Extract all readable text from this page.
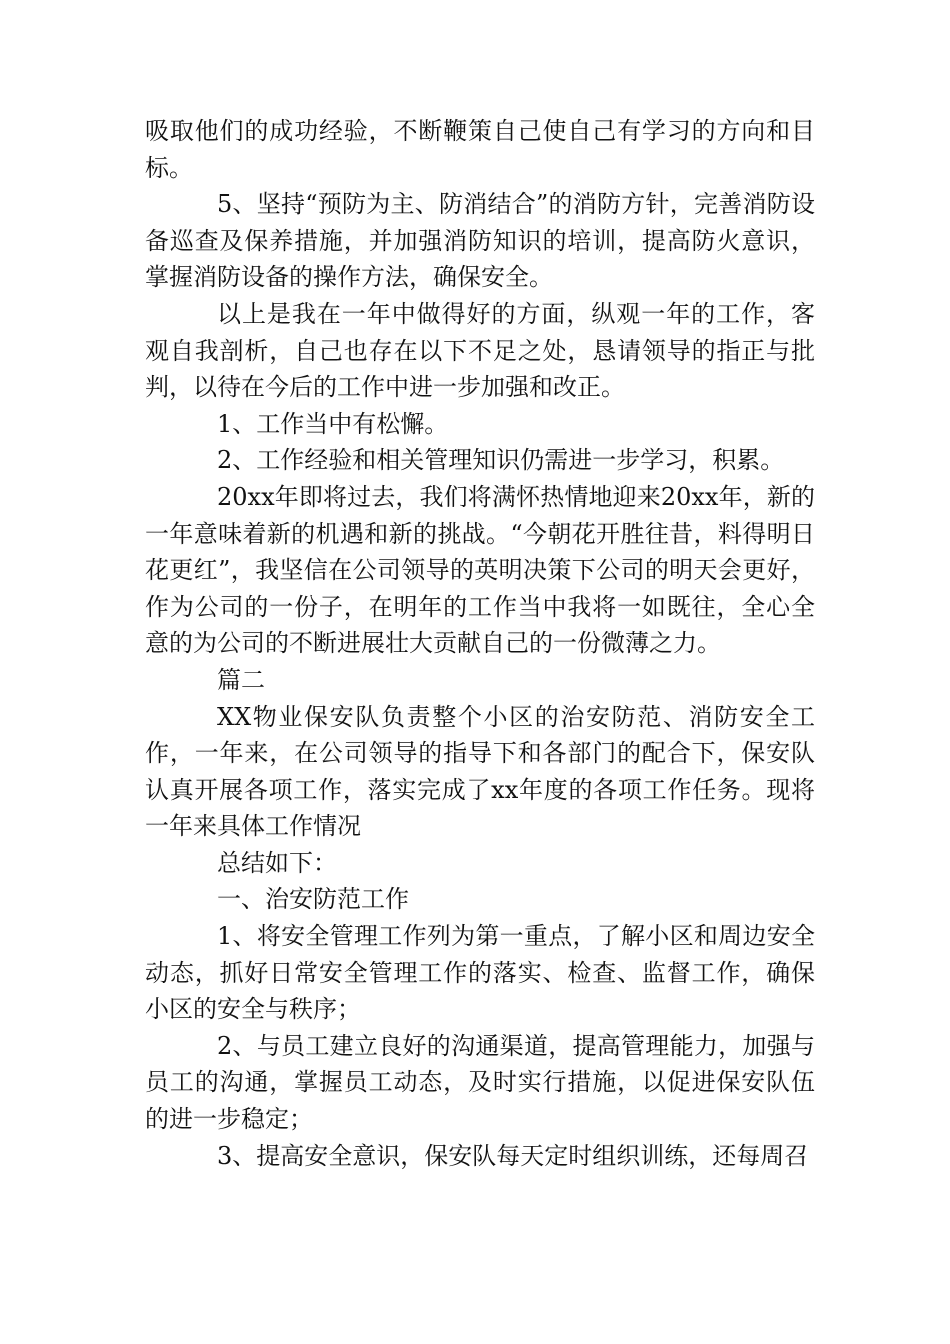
吸取他们的成功经验，不断鞭策自己使自己有学习的方向和目标。

5、坚持“预防为主、防消结合”的消防方针，完善消防设备巡查及保养措施，并加强消防知识的培训，提高防火意识，掌握消防设备的操作方法，确保安全。

以上是我在一年中做得好的方面，纵观一年的工作，客观自我剖析，自己也存在以下不足之处，恳请领导的指正与批判，以待在今后的工作中进一步加强和改正。

1、工作当中有松懈。

2、工作经验和相关管理知识仍需进一步学习，积累。

20xx年即将过去，我们将满怀热情地迎来20xx年，新的一年意味着新的机遇和新的挑战。“今朝花开胜往昔，料得明日花更红”，我坚信在公司领导的英明决策下公司的明天会更好，作为公司的一份子，在明年的工作当中我将一如既往，全心全意的为公司的不断进展壮大贡献自己的一份微薄之力。

篇二

XX物业保安队负责整个小区的治安防范、消防安全工作，一年来，在公司领导的指导下和各部门的配合下，保安队认真开展各项工作，落实完成了xx年度的各项工作任务。现将一年来具体工作情况

总结如下：

一、治安防范工作

1、将安全管理工作列为第一重点，了解小区和周边安全动态，抓好日常安全管理工作的落实、检查、监督工作，确保小区的安全与秩序；

2、与员工建立良好的沟通渠道，提高管理能力，加强与员工的沟通，掌握员工动态，及时实行措施，以促进保安队伍的进一步稳定；

3、提高安全意识，保安队每天定时组织训练，还每周召
